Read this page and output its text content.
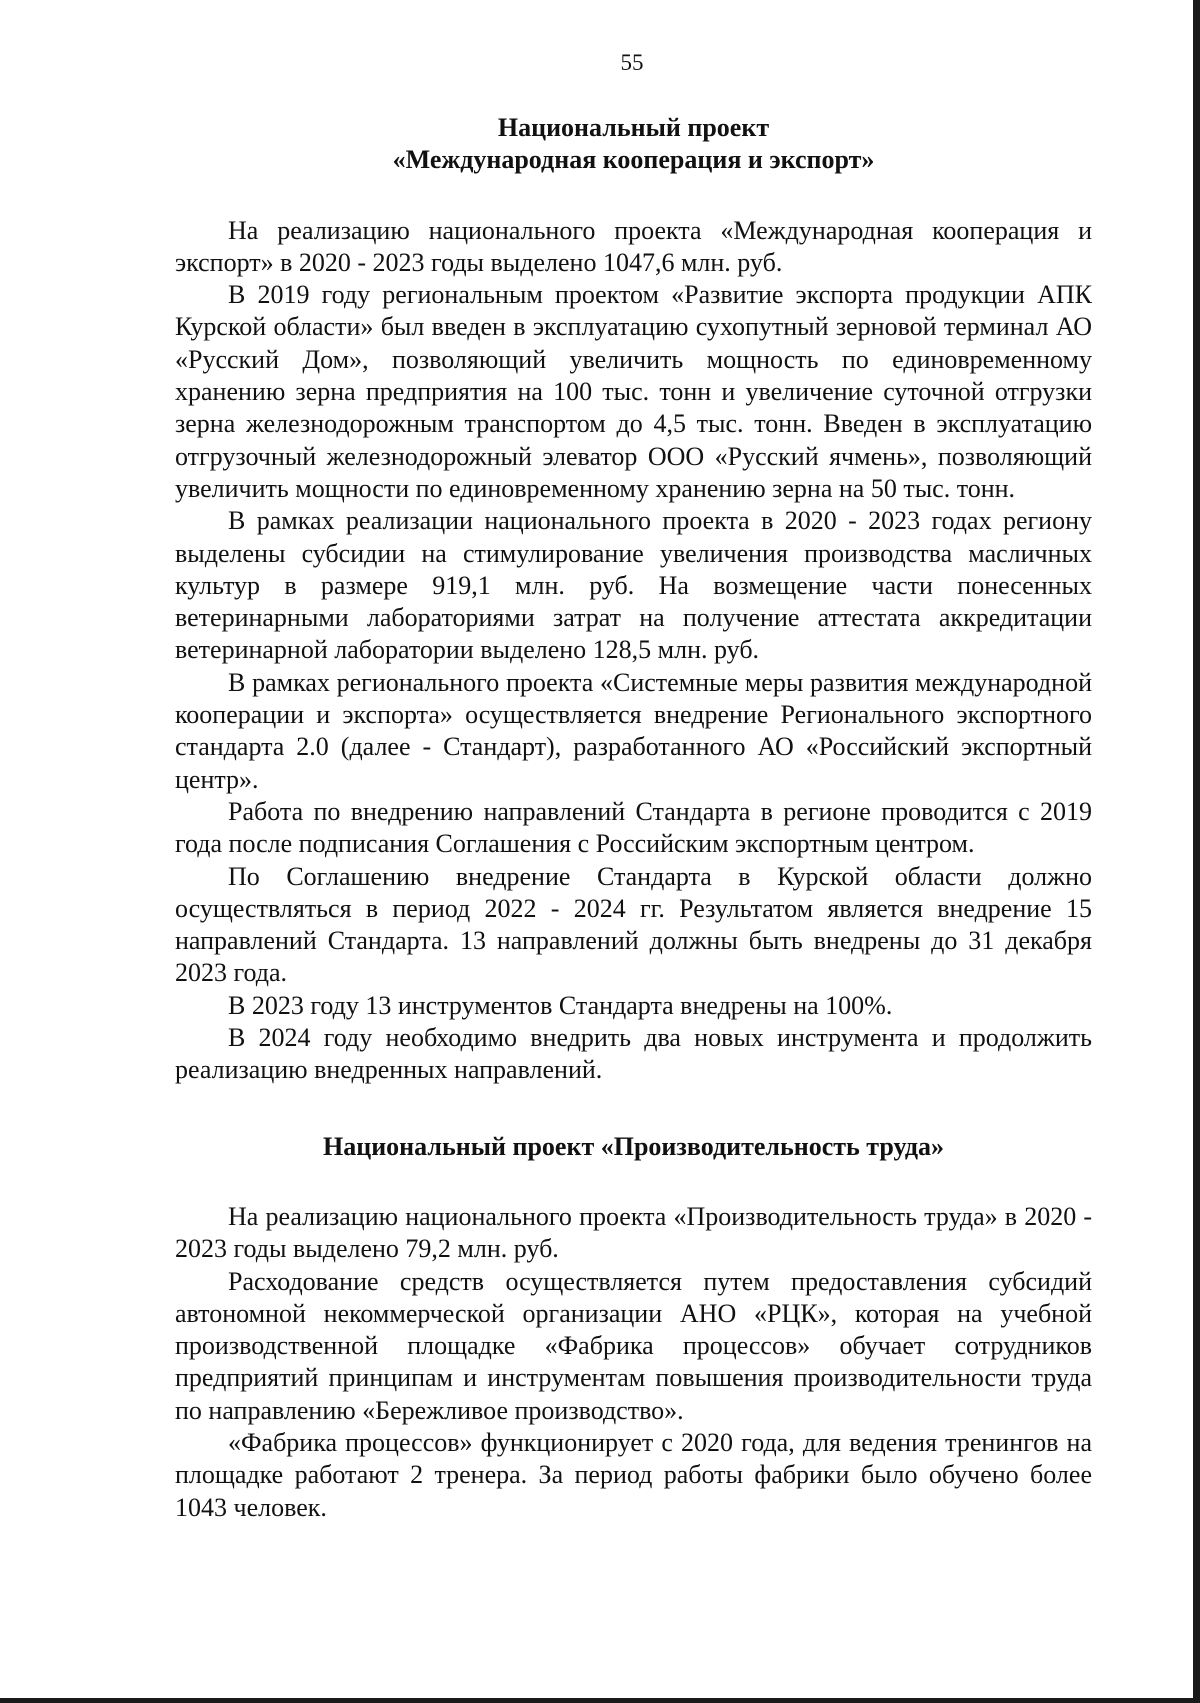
55
Национальный проект
«Международная кооперация и экспорт»

На реализацию национального проекта «Международная кооперация и экспорт» в 2020 - 2023 годы выделено 1047,6 млн. руб.

В 2019 году региональным проектом «Развитие экспорта продукции АПК Курской области» был введен в эксплуатацию сухопутный зерновой терминал АО «Русский Дом», позволяющий увеличить мощность по единовременному хранению зерна предприятия на 100 тыс. тонн и увеличение суточной отгрузки зерна железнодорожным транспортом до 4,5 тыс. тонн. Введен в эксплуатацию отгрузочный железнодорожный элеватор ООО «Русский ячмень», позволяющий увеличить мощности по единовременному хранению зерна на 50 тыс. тонн.

В рамках реализации национального проекта в 2020 - 2023 годах региону выделены субсидии на стимулирование увеличения производства масличных культур в размере 919,1 млн. руб. На возмещение части понесенных ветеринарными лабораториями затрат на получение аттестата аккредитации ветеринарной лаборатории выделено 128,5 млн. руб.

В рамках регионального проекта «Системные меры развития международной кооперации и экспорта» осуществляется внедрение Регионального экспортного стандарта 2.0 (далее - Стандарт), разработанного АО «Российский экспортный центр».

Работа по внедрению направлений Стандарта в регионе проводится с 2019 года после подписания Соглашения с Российским экспортным центром.

По Соглашению внедрение Стандарта в Курской области должно осуществляться в период 2022 - 2024 гг. Результатом является внедрение 15 направлений Стандарта. 13 направлений должны быть внедрены до 31 декабря 2023 года.

В 2023 году 13 инструментов Стандарта внедрены на 100%.

В 2024 году необходимо внедрить два новых инструмента и продолжить реализацию внедренных направлений.

Национальный проект «Производительность труда»

На реализацию национального проекта «Производительность труда» в 2020 - 2023 годы выделено 79,2 млн. руб.

Расходование средств осуществляется путем предоставления субсидий автономной некоммерческой организации АНО «РЦК», которая на учебной производственной площадке «Фабрика процессов» обучает сотрудников предприятий принципам и инструментам повышения производительности труда по направлению «Бережливое производство».

«Фабрика процессов» функционирует с 2020 года, для ведения тренингов на площадке работают 2 тренера. За период работы фабрики было обучено более 1043 человек.
